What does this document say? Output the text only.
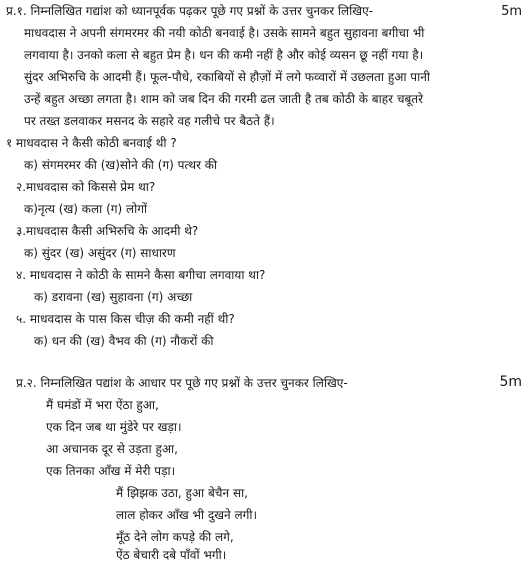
प्र.१. निम्नलिखित गद्यांश को ध्यानपूर्वक पढ़कर पूछे गए प्रश्नों के उत्तर चुनकर लिखिए-	5m
माधवदास ने अपनी संगमरमर की नयी कोठी बनवाई है। उसके सामने बहुत सुहावना बगीचा भी
लगवाया है। उनको कला से बहुत प्रेम है। धन की कमी नहीं है और कोई व्यसन छू नहीं गया है।
सुंदर अभिरुचि के आदमी हैं। फूल-पौधे, रकाबियों से हौज़ों में लगे फव्वारों में उछलता हुआ पानी
उन्हें बहुत अच्छा लगता है। शाम को जब दिन की गरमी ढल जाती है तब कोठी के बाहर चबूतरे
पर तख्त डलवाकर मसनद के सहारे वह गलीचे पर बैठते हैं।
१ माधवदास ने कैसी कोठी बनवाई थी ?
क) संगमरमर की (ख)सोने की (ग) पत्थर की
२.माधवदास को किससे प्रेम था?
क)नृत्य (ख) कला (ग) लोगों
३.माधवदास कैसी अभिरुचि के आदमी थे?
क) सुंदर (ख) असुंदर (ग) साधारण
४. माधवदास ने कोठी के सामने कैसा बगीचा लगवाया था?
क) डरावना (ख) सुहावना (ग) अच्छा
५. माधवदास के पास किस चीज़ की कमी नहीं थी?
क) धन की (ख) वैभव की (ग) नौकरों की
प्र.२. निम्नलिखित पद्यांश के आधार पर पूछे गए प्रश्नों के उत्तर चुनकर लिखिए-	5m
मैं घमंडों में भरा ऐंठा हुआ,
एक दिन जब था मुंडेरे पर खड़ा।
आ अचानक दूर से उड़ता हुआ,
एक तिनका आँख में मेरी पड़ा।
मैं झिझक उठा, हुआ बेचैन सा,
लाल होकर आँख भी दुखने लगी।
मूँठ देने लोग कपड़े की लगे,
ऐंठ बेचारी दबे पाँवों भगी।
